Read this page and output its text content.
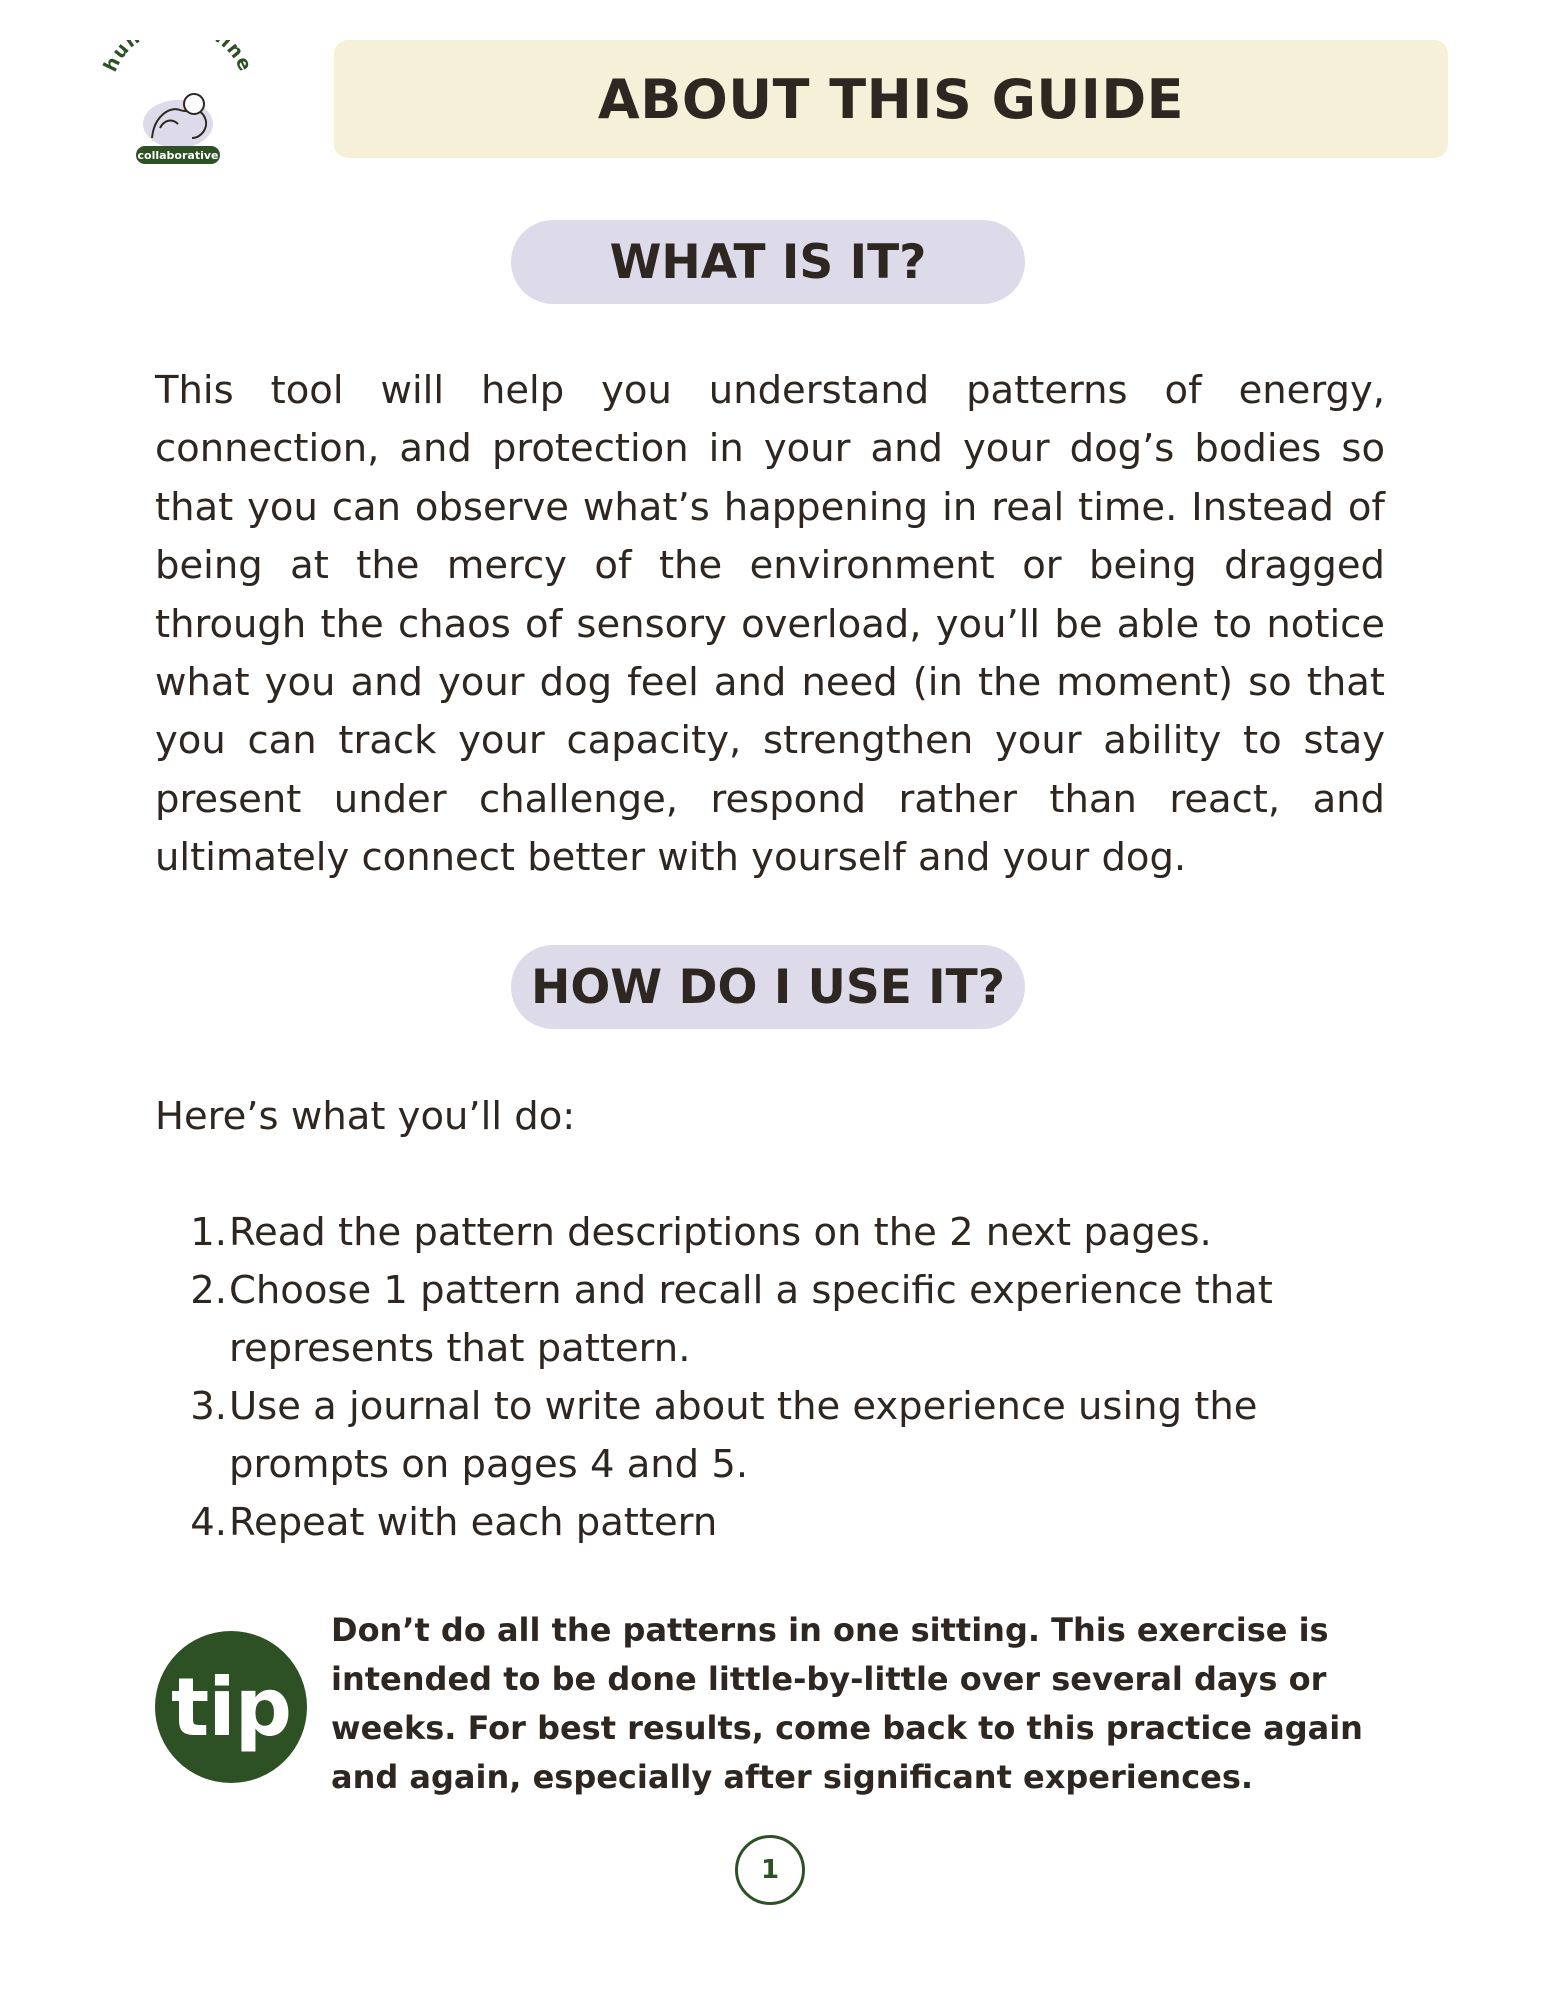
hu ine
collaborative
ABOUT THIS GUIDE
WHAT IS IT?

This tool will help you understand patterns of energy, connection, and protection in your and your dog’s bodies so that you can observe what’s happening in real time. Instead of being at the mercy of the environment or being dragged through the chaos of sensory overload, you’ll be able to notice what you and your dog feel and need (in the moment) so that you can track your capacity, strengthen your ability to stay present under challenge, respond rather than react, and ultimately connect better with yourself and your dog.

HOW DO I USE IT?

Here’s what you’ll do:

1. Read the pattern descriptions on the 2 next pages.
2. Choose 1 pattern and recall a specific experience that represents that pattern.
3. Use a journal to write about the experience using the prompts on pages 4 and 5.
4. Repeat with each pattern
tip

Don’t do all the patterns in one sitting. This exercise is intended to be done little-by-little over several days or weeks. For best results, come back to this practice again and again, especially after significant experiences.

1
